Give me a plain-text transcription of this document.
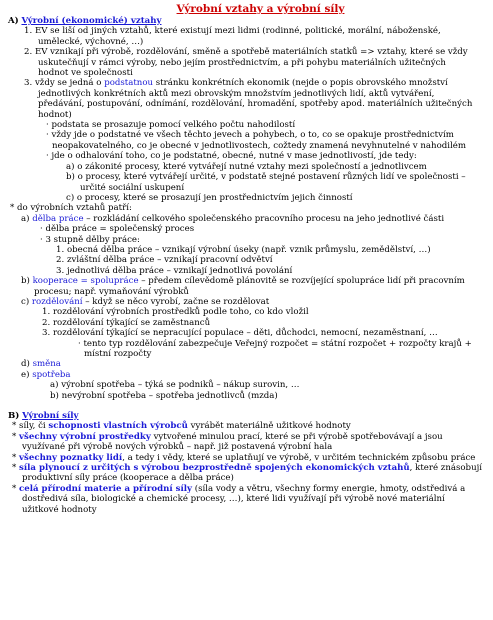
Výrobní vztahy a výrobní síly
A) Výrobní (ekonomické) vztahy
1. EV se liší od jiných vztahů, které existují mezi lidmi (rodinné, politické, morální, náboženské, umělecké, výchovné, …)
2. EV vznikají při výrobě, rozdělování, směně a spotřebě materiálních statků => vztahy, které se vždy uskutečňují v rámci výroby, nebo jejím prostřednictvím, a při pohybu materiálních užitečných hodnot ve společnosti
3. vždy se jedná o podstatnou stránku konkrétních ekonomik (nejde o popis obrovského množství jednotlivých konkrétních aktů mezi obrovským množstvím jednotlivých lidí, aktů vytváření, předávání, postupování, odnímání, rozdělování, hromadění, spotřeby apod. materiálních užitečných hodnot)
· podstata se prosazuje pomocí velkého počtu nahodilostí
· vždy jde o podstatné ve všech těchto jevech a pohybech, o to, co se opakuje prostřednictvím neopakovatelného, co je obecné v jednotlivostech, cožtedy znamená nevyhnutelné v nahodilém
· jde o odhalování toho, co je podstatné, obecné, nutné v mase jednotlivostí, jde tedy:
a) o zákonité procesy, které vytvářejí nutné vztahy mezi společností a jednotlivcem
b) o procesy, které vytvářejí určité, v podstatě stejné postavení různých lidí ve společnosti – určité sociální uskupení
c) o procesy, které se prosazují jen prostřednictvím jejich činností
* do výrobních vztahů patří:
a) dělba práce – rozkládání celkového společenského pracovního procesu na jeho jednotlivé části
· dělba práce = společenský proces
· 3 stupně dělby práce:
1. obecná dělba práce – vznikají výrobní úseky (např. vznik průmyslu, zemědělství, …)
2. zvláštní dělba práce – vznikají pracovní odvětví
3. jednotlivá dělba práce – vznikají jednotlivá povolání
b) kooperace = spolupráce – předem cílevědomě plánovitě se rozvíjející spolupráce lidí při pracovním procesu; např. vymaňování výrobků
c) rozdělování – když se něco vyrobí, začne se rozdělovat
1. rozdělování výrobních prostředků podle toho, co kdo vložil
2. rozdělování týkající se zaměstnanců
3. rozdělování týkající se nepracující populace – děti, důchodci, nemocní, nezaměstnaní, …
· tento typ rozdělování zabezpečuje Veřejný rozpočet = státní rozpočet + rozpočty krajů + místní rozpočty
d) směna
e) spotřeba
a) výrobní spotřeba – týká se podniků – nákup surovin, …
b) nevýrobní spotřeba – spotřeba jednotlivců (mzda)
B) Výrobní síly
* síly, či schopnosti vlastních výrobců vyrábět materiálně užitkové hodnoty
* všechny výrobní prostředky vytvořené minulou prací, které se při výrobě spotřebovávají a jsou využívané při výrobě nových výrobků – např. již postavená výrobní hala
* všechny poznatky lidí, a tedy i vědy, které se uplatňují ve výrobě, v určitém technickém způsobu práce
* síla plynoucí z určitých s výrobou bezprostředně spojených ekonomických vztahů, které znásobují produktivní síly práce (kooperace a dělba práce)
* celá přírodní materie a přírodní síly (síla vody a větru, všechny formy energie, hmoty, odstředivá a dostředivá síla, biologické a chemické procesy, …), které lidi využívají při výrobě nové materiální užitkové hodnoty
